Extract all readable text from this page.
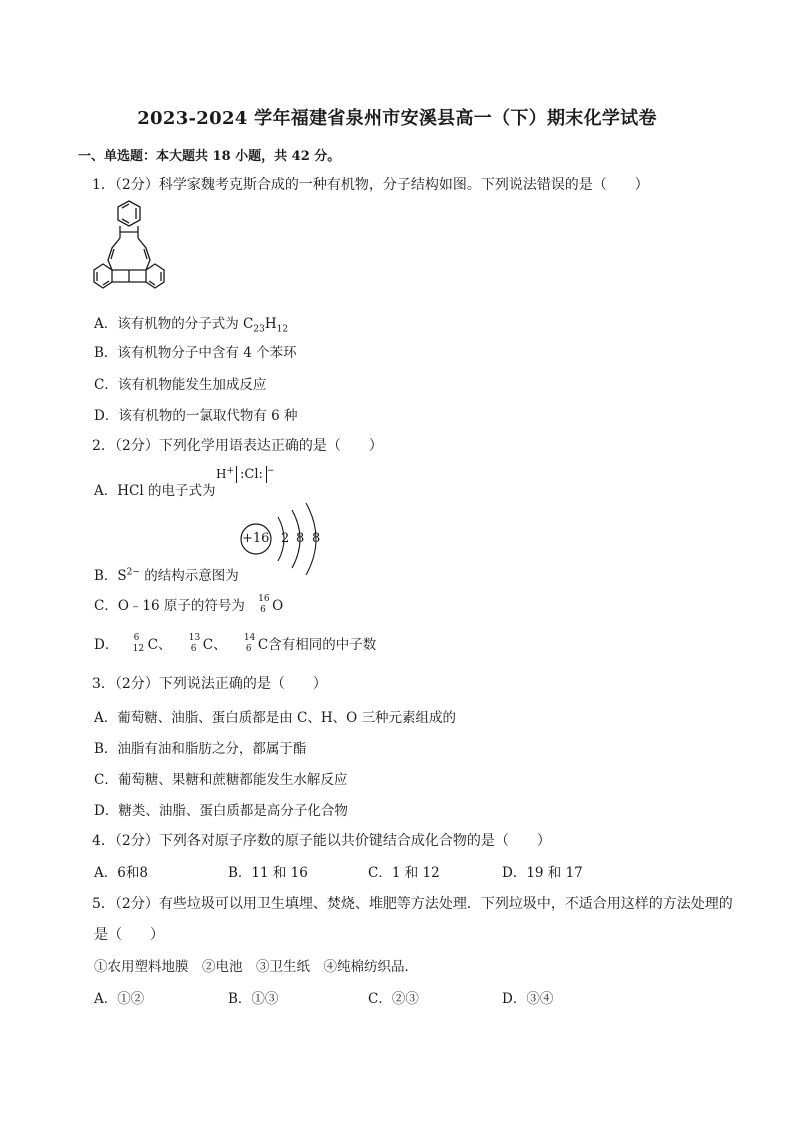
2023-2024 学年福建省泉州市安溪县高一（下）期末化学试卷
一、单选题：本大题共 18 小题，共 42 分。
1．（2分）科学家魏考克斯合成的一种有机物，分子结构如图。下列说法错误的是（　　）
A．该有机物的分子式为 $C_{23}H_{12}$
B．该有机物分子中含有 4 个苯环
C．该有机物能发生加成反应
D．该有机物的一氯取代物有 6 种
2．（2分）下列化学用语表达正确的是（　　）
A．HCl 的电子式为
H+ :Cl: −
+16 2 8 8
B．$S^{2-}$ 的结构示意图为
C．O﹣16 原子的符号为 16
6 O
D． 6
12 C、 13
6 C、 14
6 C含有相同的中子数
3．（2分）下列说法正确的是（　　）
A．葡萄糖、油脂、蛋白质都是由 C、H、O 三种元素组成的
B．油脂有油和脂肪之分，都属于酯
C．葡萄糖、果糖和蔗糖都能发生水解反应
D．糖类、油脂、蛋白质都是高分子化合物
4．（2分）下列各对原子序数的原子能以共价键结合成化合物的是（　　）
A．6和8	B．11 和 16	C．1 和 12	D．19 和 17
5．（2分）有些垃圾可以用卫生填埋、焚烧、堆肥等方法处理．下列垃圾中，不适合用这样的方法处理的
是（　　）
①农用塑料地膜　②电池　③卫生纸　④纯棉纺织品．
A．①②	B．①③	C．②③	D．③④
